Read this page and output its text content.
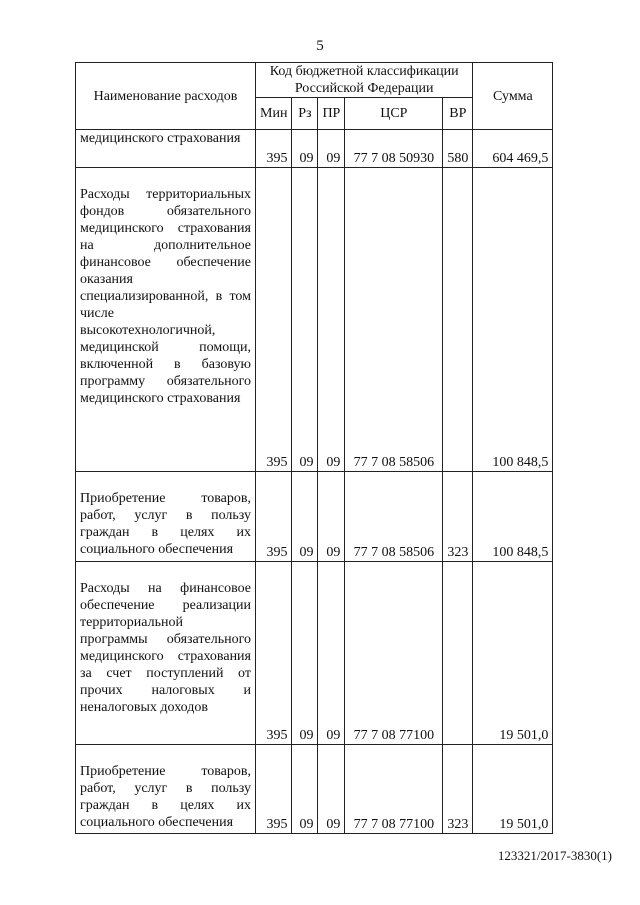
5
Наименование расходов	Код бюджетной классификации Российской Федерации					Сумма
	Мин	Рз	ПР	ЦСР	ВР	
медицинского страхования	395	09	09	77 7 08 50930	580	604 469,5
Расходы территориальных фондов обязательного медицинского страхования на дополнительное финансовое обеспечение оказания специализированной, в том числе высокотехнологичной, медицинской помощи, включенной в базовую программу обязательного медицинского страхования	395	09	09	77 7 08 58506		100 848,5
Приобретение товаров, работ, услуг в пользу граждан в целях их социального обеспечения	395	09	09	77 7 08 58506	323	100 848,5
Расходы на финансовое обеспечение реализации территориальной программы обязательного медицинского страхования за счет поступлений от прочих налоговых и неналоговых доходов	395	09	09	77 7 08 77100		19 501,0
Приобретение товаров, работ, услуг в пользу граждан в целях их социального обеспечения	395	09	09	77 7 08 77100	323	19 501,0
123321/2017-3830(1)
